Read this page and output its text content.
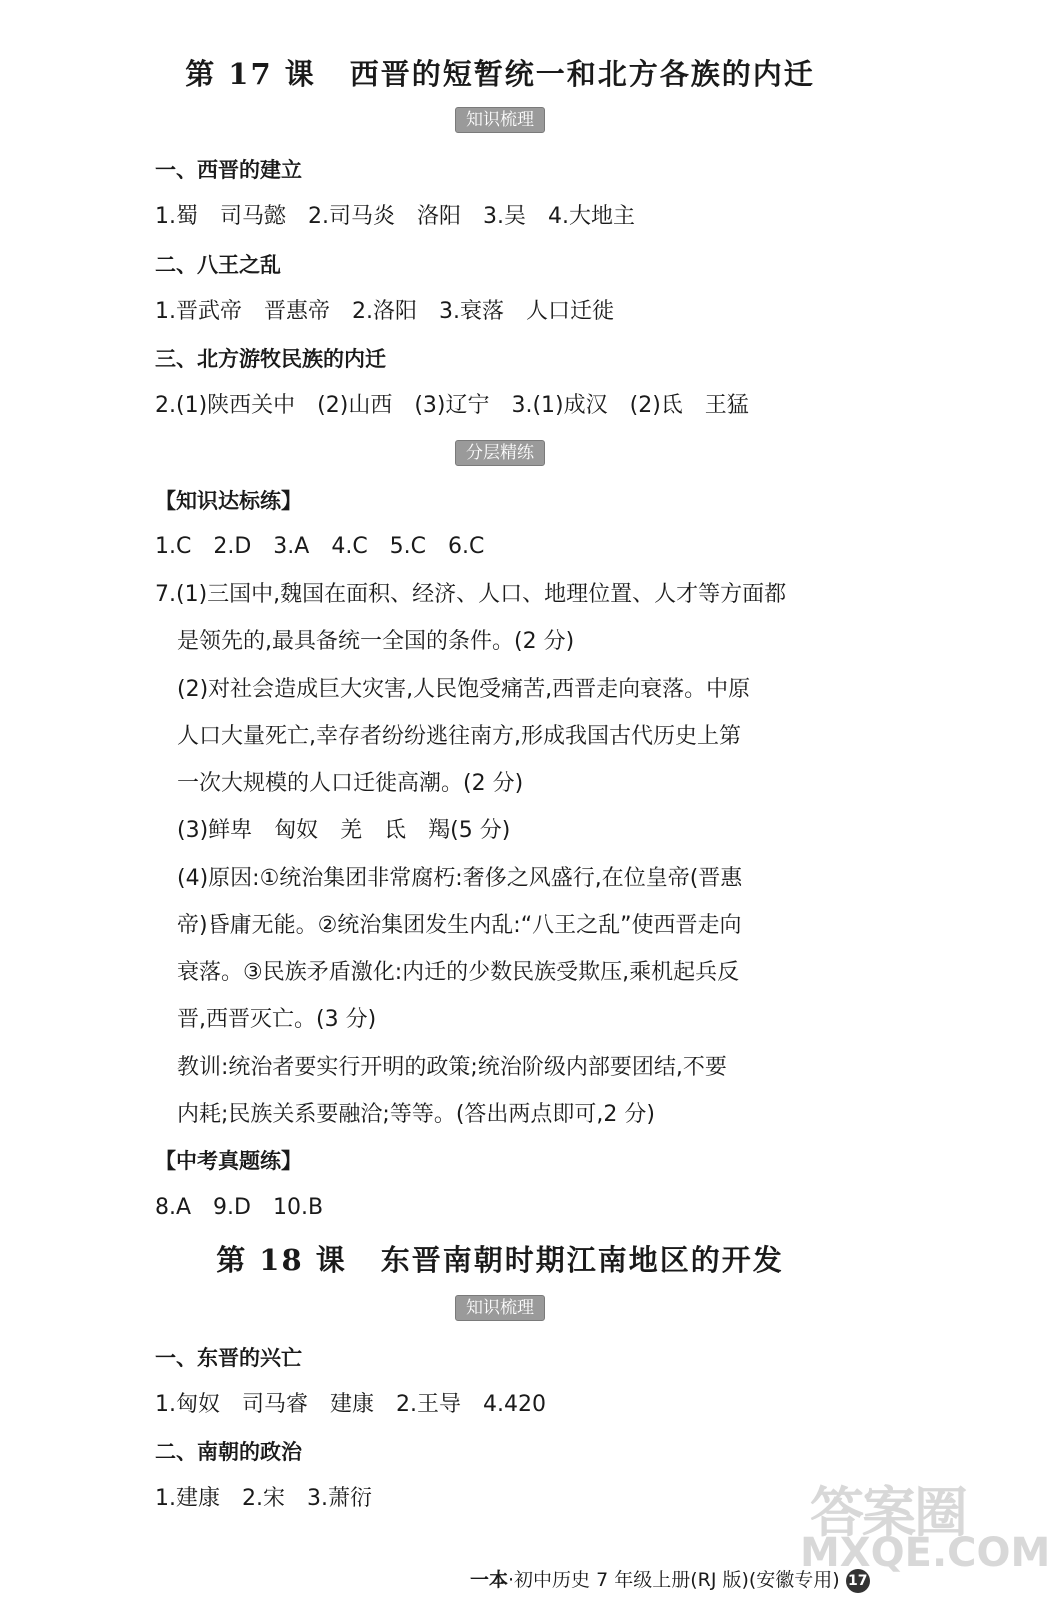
第 17 课 西晋的短暂统一和北方各族的内迁
知识梳理
一、西晋的建立
1.蜀　司马懿　2.司马炎　洛阳　3.吴　4.大地主
二、八王之乱
1.晋武帝　晋惠帝　2.洛阳　3.衰落　人口迁徙
三、北方游牧民族的内迁
2.(1)陕西关中　(2)山西　(3)辽宁　3.(1)成汉　(2)氐　王猛
分层精练
【知识达标练】
1.C　2.D　3.A　4.C　5.C　6.C
7.(1)三国中,魏国在面积、经济、人口、地理位置、人才等方面都
是领先的,最具备统一全国的条件。(2 分)
(2)对社会造成巨大灾害,人民饱受痛苦,西晋走向衰落。中原
人口大量死亡,幸存者纷纷逃往南方,形成我国古代历史上第
一次大规模的人口迁徙高潮。(2 分)
(3)鲜卑　匈奴　羌　氐　羯(5 分)
(4)原因:①统治集团非常腐朽:奢侈之风盛行,在位皇帝(晋惠
帝)昏庸无能。②统治集团发生内乱:“八王之乱”使西晋走向
衰落。③民族矛盾激化:内迁的少数民族受欺压,乘机起兵反
晋,西晋灭亡。(3 分)
教训:统治者要实行开明的政策;统治阶级内部要团结,不要
内耗;民族关系要融洽;等等。(答出两点即可,2 分)
【中考真题练】
8.A　9.D　10.B
第 18 课 东晋南朝时期江南地区的开发
知识梳理
一、东晋的兴亡
1.匈奴　司马睿　建康　2.王导　4.420
二、南朝的政治
1.建康　2.宋　3.萧衍
一本·初中历史 7 年级上册(RJ 版)(安徽专用) 17
答案圈
MXQE.COM
